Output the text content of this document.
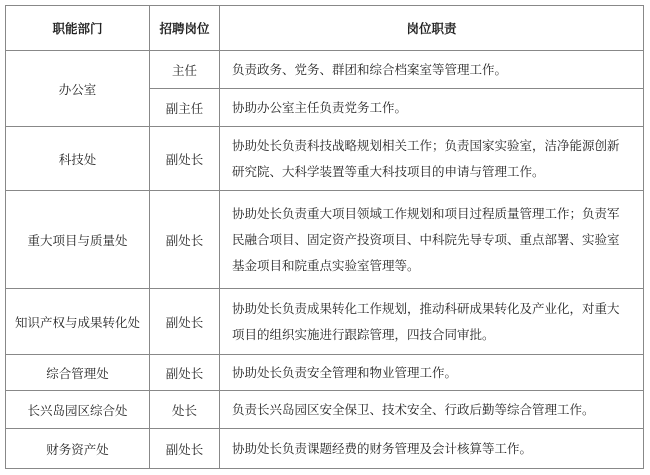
职能部门	招聘岗位	岗位职责
办公室	主任	负责政务、党务、群团和综合档案室等管理工作。
	副主任	协助办公室主任负责党务工作。
科技处	副处长	协助处长负责科技战略规划相关工作；负责国家实验室，洁净能源创新研究院、大科学装置等重大科技项目的申请与管理工作。
重大项目与质量处	副处长	协助处长负责重大项目领域工作规划和项目过程质量管理工作；负责军民融合项目、固定资产投资项目、中科院先导专项、重点部署、实验室基金项目和院重点实验室管理等。
知识产权与成果转化处	副处长	协助处长负责成果转化工作规划，推动科研成果转化及产业化，对重大项目的组织实施进行跟踪管理，四技合同审批。
综合管理处	副处长	协助处长负责安全管理和物业管理工作。
长兴岛园区综合处	处长	负责长兴岛园区安全保卫、技术安全、行政后勤等综合管理工作。
财务资产处	副处长	协助处长负责课题经费的财务管理及会计核算等工作。
